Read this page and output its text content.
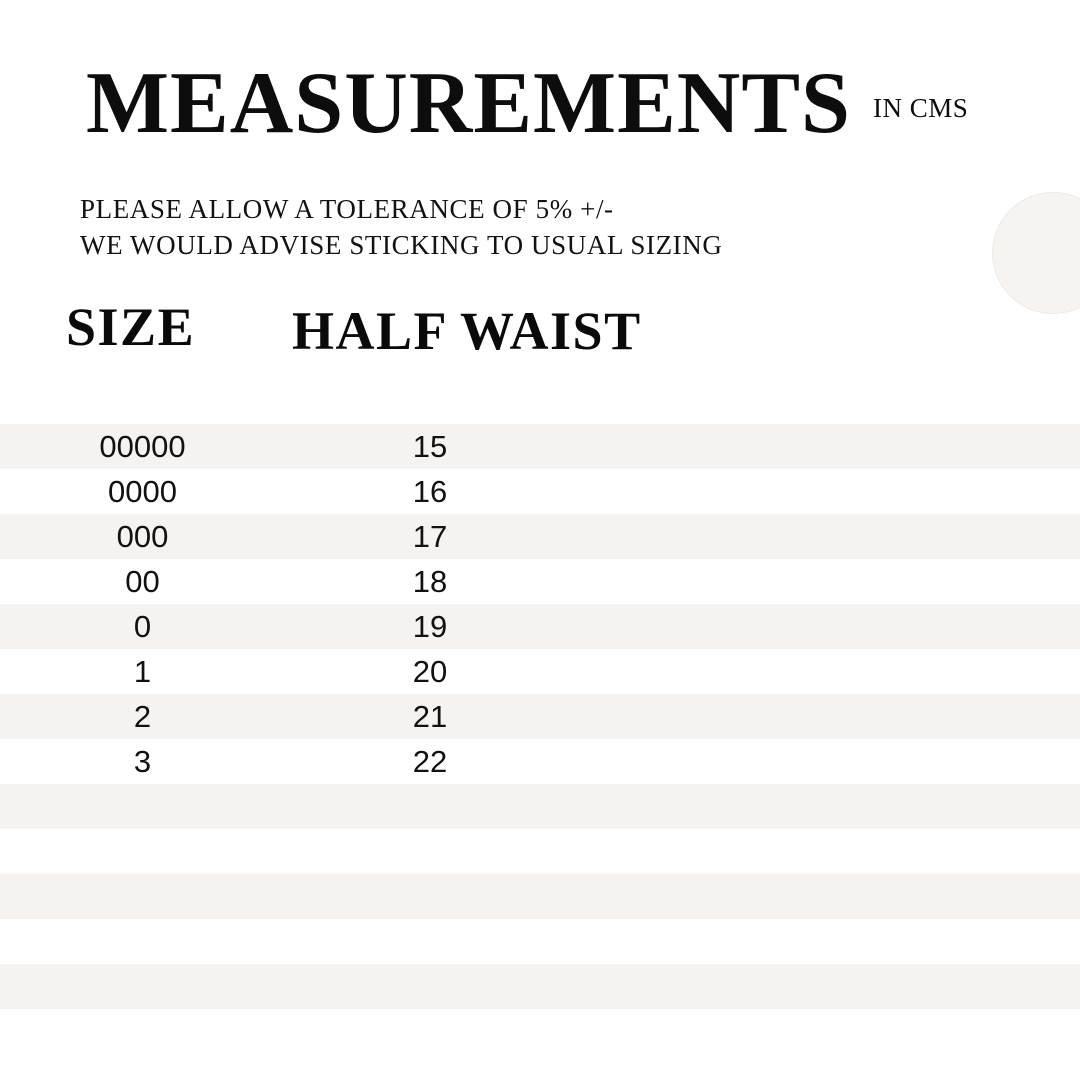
MEASUREMENTS IN CMS
PLEASE ALLOW A TOLERANCE OF 5% +/-
WE WOULD ADVISE STICKING TO USUAL SIZING
SIZE HALF WAIST
00000	15
0000	16
000	17
00	18
0	19
1	20
2	21
3	22
